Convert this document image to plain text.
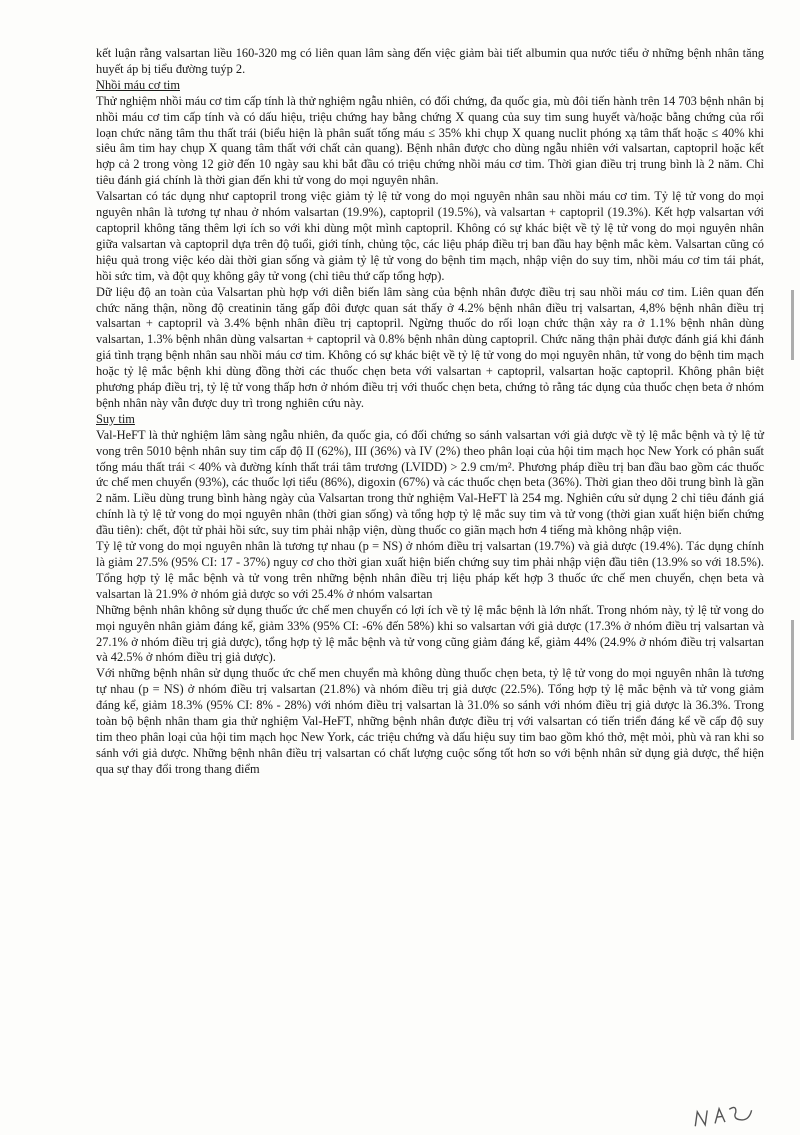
kết luận rằng valsartan liều 160-320 mg có liên quan lâm sàng đến việc giảm bài tiết albumin qua nước tiểu ở những bệnh nhân tăng huyết áp bị tiểu đường tuýp 2.

Nhồi máu cơ tim

Thử nghiệm nhồi máu cơ tim cấp tính là thử nghiệm ngẫu nhiên, có đối chứng, đa quốc gia, mù đôi tiến hành trên 14 703 bệnh nhân bị nhồi máu cơ tim cấp tính và có dấu hiệu, triệu chứng hay bằng chứng X quang của suy tim sung huyết và/hoặc bằng chứng của rối loạn chức năng tâm thu thất trái (biểu hiện là phân suất tống máu ≤ 35% khi chụp X quang nuclit phóng xạ tâm thất hoặc ≤ 40% khi siêu âm tim hay chụp X quang tâm thất với chất cản quang). Bệnh nhân được cho dùng ngẫu nhiên với valsartan, captopril hoặc kết hợp cả 2 trong vòng 12 giờ đến 10 ngày sau khi bắt đầu có triệu chứng nhồi máu cơ tim. Thời gian điều trị trung bình là 2 năm. Chỉ tiêu đánh giá chính là thời gian đến khi tử vong do mọi nguyên nhân.

Valsartan có tác dụng như captopril trong việc giảm tỷ lệ tử vong do mọi nguyên nhân sau nhồi máu cơ tim. Tỷ lệ tử vong do mọi nguyên nhân là tương tự nhau ở nhóm valsartan (19.9%), captopril (19.5%), và valsartan + captopril (19.3%). Kết hợp valsartan với captopril không tăng thêm lợi ích so với khi dùng một mình captopril. Không có sự khác biệt về tỷ lệ tử vong do mọi nguyên nhân giữa valsartan và captopril dựa trên độ tuổi, giới tính, chủng tộc, các liệu pháp điều trị ban đầu hay bệnh mắc kèm. Valsartan cũng có hiệu quả trong việc kéo dài thời gian sống và giảm tỷ lệ tử vong do bệnh tim mạch, nhập viện do suy tim, nhồi máu cơ tim tái phát, hồi sức tim, và đột quỵ không gây tử vong (chỉ tiêu thứ cấp tổng hợp).

Dữ liệu độ an toàn của Valsartan phù hợp với diễn biến lâm sàng của bệnh nhân được điều trị sau nhồi máu cơ tim. Liên quan đến chức năng thận, nồng độ creatinin tăng gấp đôi được quan sát thấy ở 4.2% bệnh nhân điều trị valsartan, 4,8% bệnh nhân điều trị valsartan + captopril và 3.4% bệnh nhân điều trị captopril. Ngừng thuốc do rối loạn chức thận xảy ra ở 1.1% bệnh nhân dùng valsartan, 1.3% bệnh nhân dùng valsartan + captopril và 0.8% bệnh nhân dùng captopril. Chức năng thận phải được đánh giá khi đánh giá tình trạng bệnh nhân sau nhồi máu cơ tim. Không có sự khác biệt về tỷ lệ tử vong do mọi nguyên nhân, tử vong do bệnh tim mạch hoặc tỷ lệ mắc bệnh khi dùng đồng thời các thuốc chẹn beta với valsartan + captopril, valsartan hoặc captopril. Không phân biệt phương pháp điều trị, tỷ lệ tử vong thấp hơn ở nhóm điều trị với thuốc chẹn beta, chứng tỏ rằng tác dụng của thuốc chẹn beta ở nhóm bệnh nhân này vẫn được duy trì trong nghiên cứu này.

Suy tim

Val-HeFT là thử nghiệm lâm sàng ngẫu nhiên, đa quốc gia, có đối chứng so sánh valsartan với giả dược về tỷ lệ mắc bệnh và tỷ lệ tử vong trên 5010 bệnh nhân suy tim cấp độ II (62%), III (36%) và IV (2%) theo phân loại của hội tim mạch học New York có phân suất tống máu thất trái < 40% và đường kính thất trái tâm trương (LVIDD) > 2.9 cm/m². Phương pháp điều trị ban đầu bao gồm các thuốc ức chế men chuyển (93%), các thuốc lợi tiểu (86%), digoxin (67%) và các thuốc chẹn beta (36%). Thời gian theo dõi trung bình là gần 2 năm. Liều dùng trung bình hàng ngày của Valsartan trong thử nghiệm Val-HeFT là 254 mg. Nghiên cứu sử dụng 2 chỉ tiêu đánh giá chính là tỷ lệ tử vong do mọi nguyên nhân (thời gian sống) và tổng hợp tỷ lệ mắc suy tim và tử vong (thời gian xuất hiện biến chứng đầu tiên): chết, đột tử phải hồi sức, suy tim phải nhập viện, dùng thuốc co giãn mạch hơn 4 tiếng mà không nhập viện.

Tỷ lệ tử vong do mọi nguyên nhân là tương tự nhau (p = NS) ở nhóm điều trị valsartan (19.7%) và giả dược (19.4%). Tác dụng chính là giảm 27.5% (95% CI: 17 - 37%) nguy cơ cho thời gian xuất hiện biến chứng suy tim phải nhập viện đầu tiên (13.9% so với 18.5%). Tổng hợp tỷ lệ mắc bệnh và tử vong trên những bệnh nhân điều trị liệu pháp kết hợp 3 thuốc ức chế men chuyển, chẹn beta và valsartan là 21.9% ở nhóm giả dược so với 25.4% ở nhóm valsartan

Những bệnh nhân không sử dụng thuốc ức chế men chuyển có lợi ích về tỷ lệ mắc bệnh là lớn nhất. Trong nhóm này, tỷ lệ tử vong do mọi nguyên nhân giảm đáng kể, giảm 33% (95% CI: -6% đến 58%) khi so valsartan với giả dược (17.3% ở nhóm điều trị valsartan và 27.1% ở nhóm điều trị giả dược), tổng hợp tỷ lệ mắc bệnh và tử vong cũng giảm đáng kể, giảm 44% (24.9% ở nhóm điều trị valsartan và 42.5% ở nhóm điều trị giả dược).

Với những bệnh nhân sử dụng thuốc ức chế men chuyển mà không dùng thuốc chẹn beta, tỷ lệ tử vong do mọi nguyên nhân là tương tự nhau (p = NS) ở nhóm điều trị valsartan (21.8%) và nhóm điều trị giả dược (22.5%). Tổng hợp tỷ lệ mắc bệnh và tử vong giảm đáng kể, giảm 18.3% (95% CI: 8% - 28%) với nhóm điều trị valsartan là 31.0% so sánh với nhóm điều trị giả dược là 36.3%. Trong toàn bộ bệnh nhân tham gia thử nghiệm Val-HeFT, những bệnh nhân được điều trị với valsartan có tiến triển đáng kể về cấp độ suy tim theo phân loại của hội tim mạch học New York, các triệu chứng và dấu hiệu suy tim bao gồm khó thở, mệt mỏi, phù và ran khi so sánh với giả dược. Những bệnh nhân điều trị valsartan có chất lượng cuộc sống tốt hơn so với bệnh nhân sử dụng giả dược, thể hiện qua sự thay đổi trong thang điểm
